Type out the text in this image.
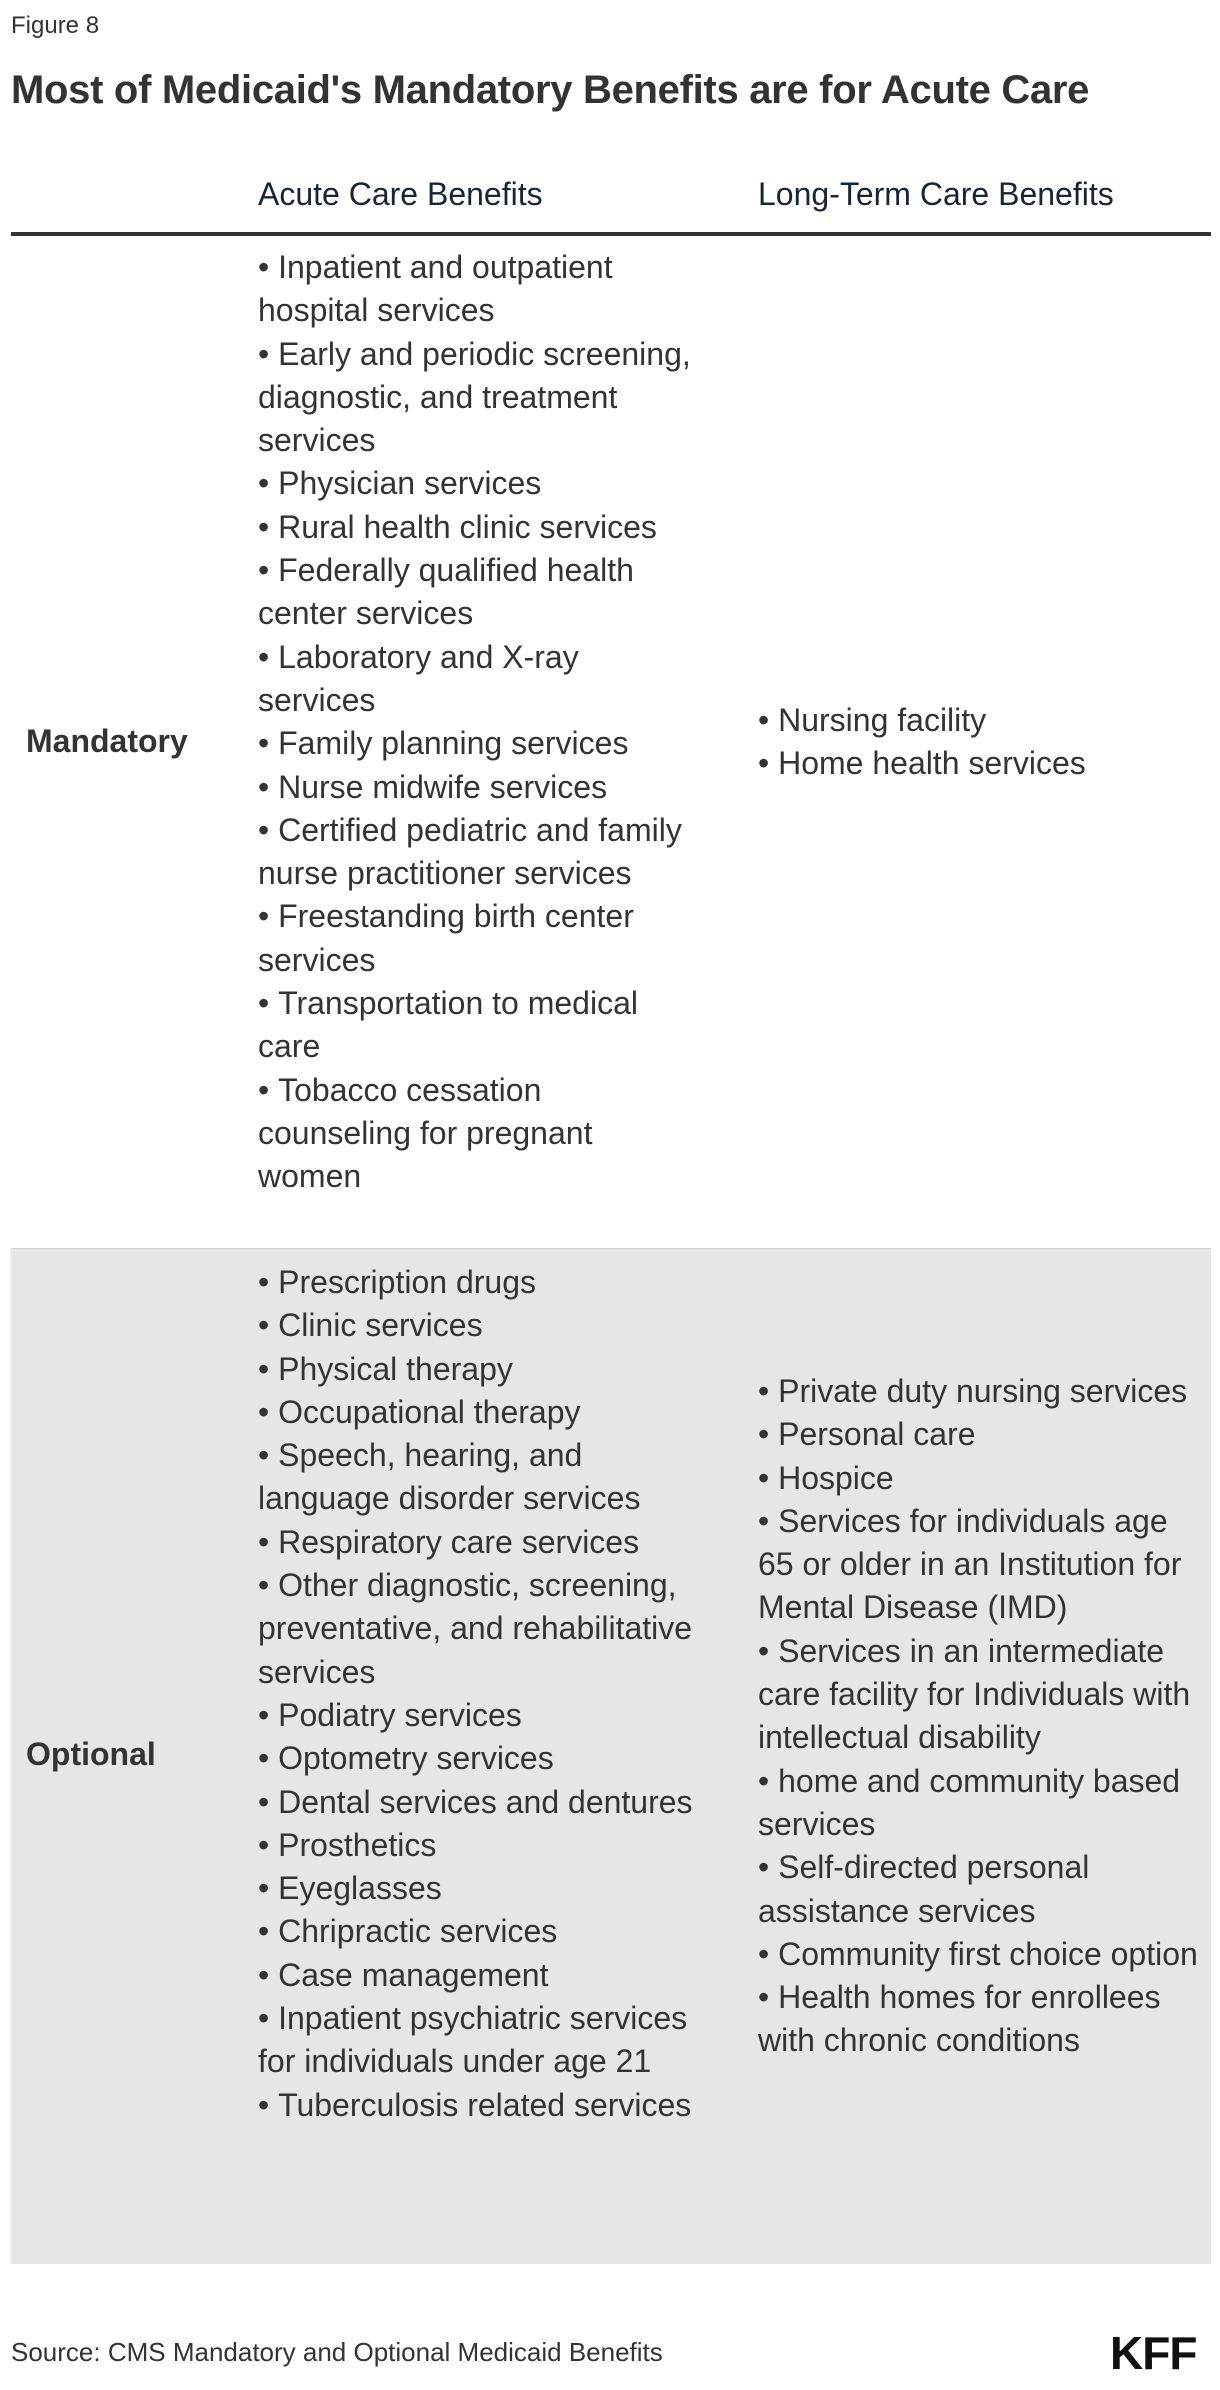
Figure 8
Most of Medicaid's Mandatory Benefits are for Acute Care
Acute Care Benefits	Long-Term Care Benefits
Mandatory
• Inpatient and outpatient hospital services
• Early and periodic screening, diagnostic, and treatment services
• Physician services
• Rural health clinic services
• Federally qualified health center services
• Laboratory and X-ray services
• Family planning services
• Nurse midwife services
• Certified pediatric and family nurse practitioner services
• Freestanding birth center services
• Transportation to medical care
• Tobacco cessation counseling for pregnant women
• Nursing facility
• Home health services
Optional
• Prescription drugs
• Clinic services
• Physical therapy
• Occupational therapy
• Speech, hearing, and language disorder services
• Respiratory care services
• Other diagnostic, screening, preventative, and rehabilitative services
• Podiatry services
• Optometry services
• Dental services and dentures
• Prosthetics
• Eyeglasses
• Chripractic services
• Case management
• Inpatient psychiatric services for individuals under age 21
• Tuberculosis related services
• Private duty nursing services
• Personal care
• Hospice
• Services for individuals age 65 or older in an Institution for Mental Disease (IMD)
• Services in an intermediate care facility for Individuals with intellectual disability
• home and community based services
• Self-directed personal assistance services
• Community first choice option
• Health homes for enrollees with chronic conditions
Source: CMS Mandatory and Optional Medicaid Benefits	KFF
